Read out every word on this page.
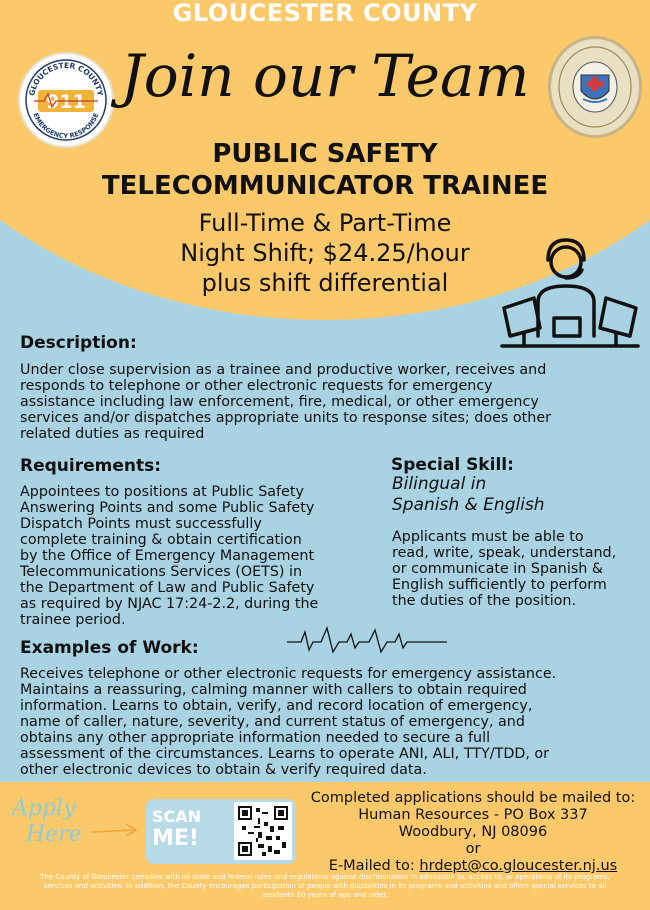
GLOUCESTER COUNTY
GLOUCESTER COUNTY
911
EMERGENCY RESPONSE
Join our Team
PUBLIC SAFETY
TELECOMMUNICATOR TRAINEE
Full-Time & Part-Time
Night Shift; $24.25/hour
plus shift differential
Description:
Under close supervision as a trainee and productive worker, receives and
responds to telephone or other electronic requests for emergency
assistance including law enforcement, fire, medical, or other emergency
services and/or dispatches appropriate units to response sites; does other
related duties as required
Requirements:
Appointees to positions at Public Safety
Answering Points and some Public Safety
Dispatch Points must successfully
complete training & obtain certification
by the Office of Emergency Management
Telecommunications Services (OETS) in
the Department of Law and Public Safety
as required by NJAC 17:24-2.2, during the
trainee period.
Special Skill:
Bilingual in
Spanish & English
Applicants must be able to
read, write, speak, understand,
or communicate in Spanish &
English sufficiently to perform
the duties of the position.
Examples of Work:
Receives telephone or other electronic requests for emergency assistance.
Maintains a reassuring, calming manner with callers to obtain required
information. Learns to obtain, verify, and record location of emergency,
name of caller, nature, severity, and current status of emergency, and
obtains any other appropriate information needed to secure a full
assessment of the circumstances. Learns to operate ANI, ALI, TTY/TDD, or
other electronic devices to obtain & verify required data.
Apply
Here
SCAN
ME!
Completed applications should be mailed to:
Human Resources - PO Box 337
Woodbury, NJ 08096
or
E-Mailed to: hrdept@co.gloucester.nj.us
The County of Gloucester complies with all state and federal rules and regulations against discrimination in admission to, access to, or operations of its programs,
services and activities. In addition, the County encourages participation of people with disabilities in its programs and activities and offers special services to all
residents 60 years of age and older.
